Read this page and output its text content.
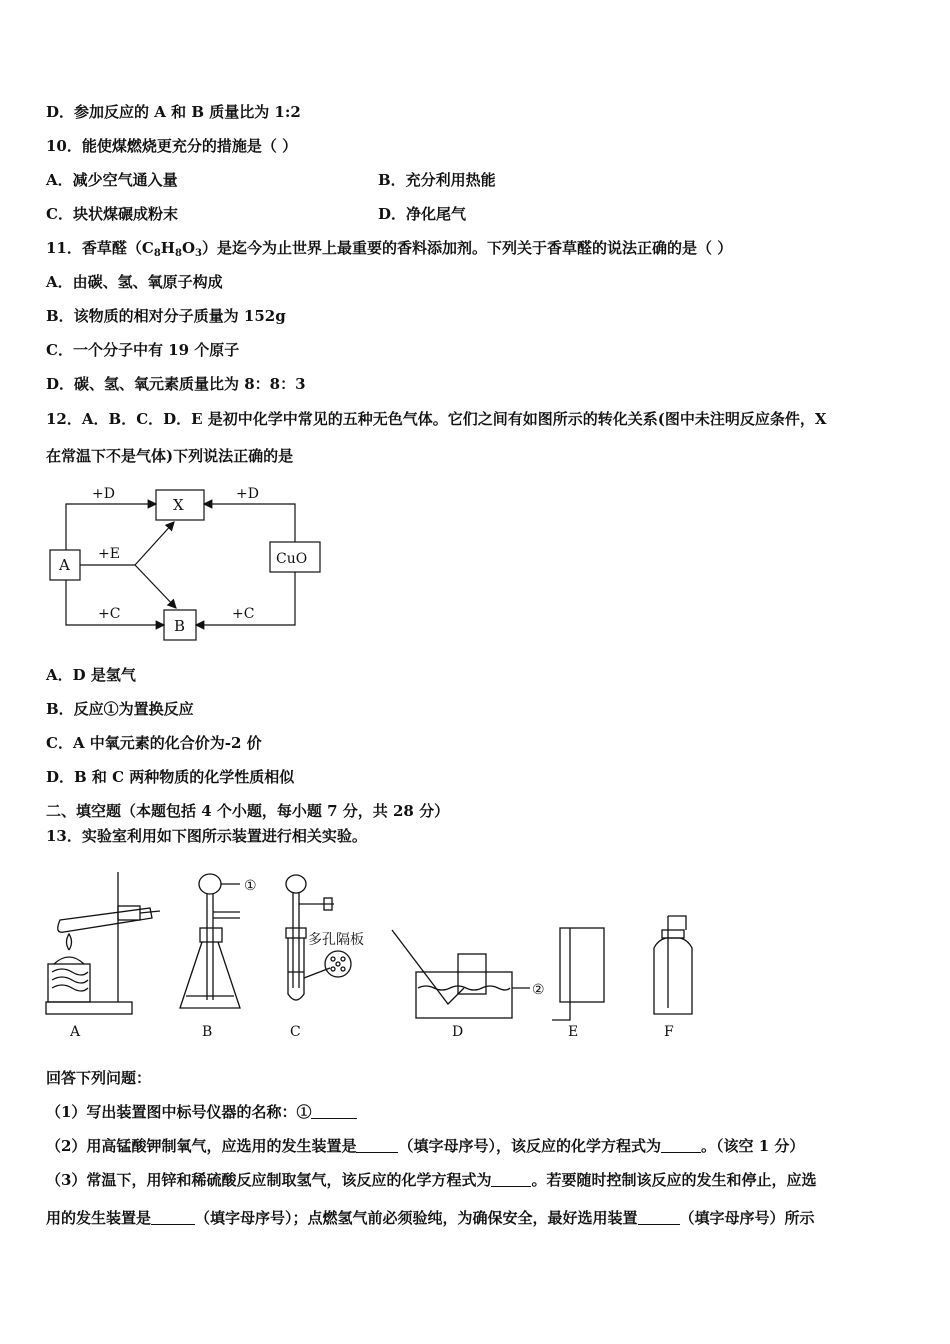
D．参加反应的 A 和 B 质量比为 1:2
10．能使煤燃烧更充分的措施是（ ）
A．减少空气通入量	B．充分利用热能
C．块状煤碾成粉末	D．净化尾气
11．香草醛$(C_8H_8O_3)$是迄今为止世界上最重要的香料添加剂。下列关于香草醛的说法正确的是（ ）
A．由碳、氢、氧原子构成
B．该物质的相对分子质量为 152g
C．一个分子中有 19 个原子
D．碳、氢、氧元素质量比为 8：8：3
12．A．B．C．D．E 是初中化学中常见的五种无色气体。它们之间有如图所示的转化关系(图中未注明反应条件，X
在常温下不是气体)下列说法正确的是
A
X
CuO
B
+D	+D
+E
+C	+C
A．D 是氢气
B．反应①为置换反应
C．A 中氧元素的化合价为-2 价
D．B 和 C 两种物质的化学性质相似
二、填空题（本题包括 4 个小题，每小题 7 分，共 28 分）
13．实验室利用如下图所示装置进行相关实验。
A	B	C	D	E	F
①
②
多孔隔板
回答下列问题：
（1）写出装置图中标号仪器的名称：①
（2）用高锰酸钾制氧气，应选用的发生装置是	（填字母序号），该反应的化学方程式为	。（该空 1 分）
（3）常温下，用锌和稀硫酸反应制取氢气，该反应的化学方程式为	。若要随时控制该反应的发生和停止，应选
用的发生装置是	（填字母序号）；点燃氢气前必须验纯，为确保安全，最好选用装置	（填字母序号）所示
